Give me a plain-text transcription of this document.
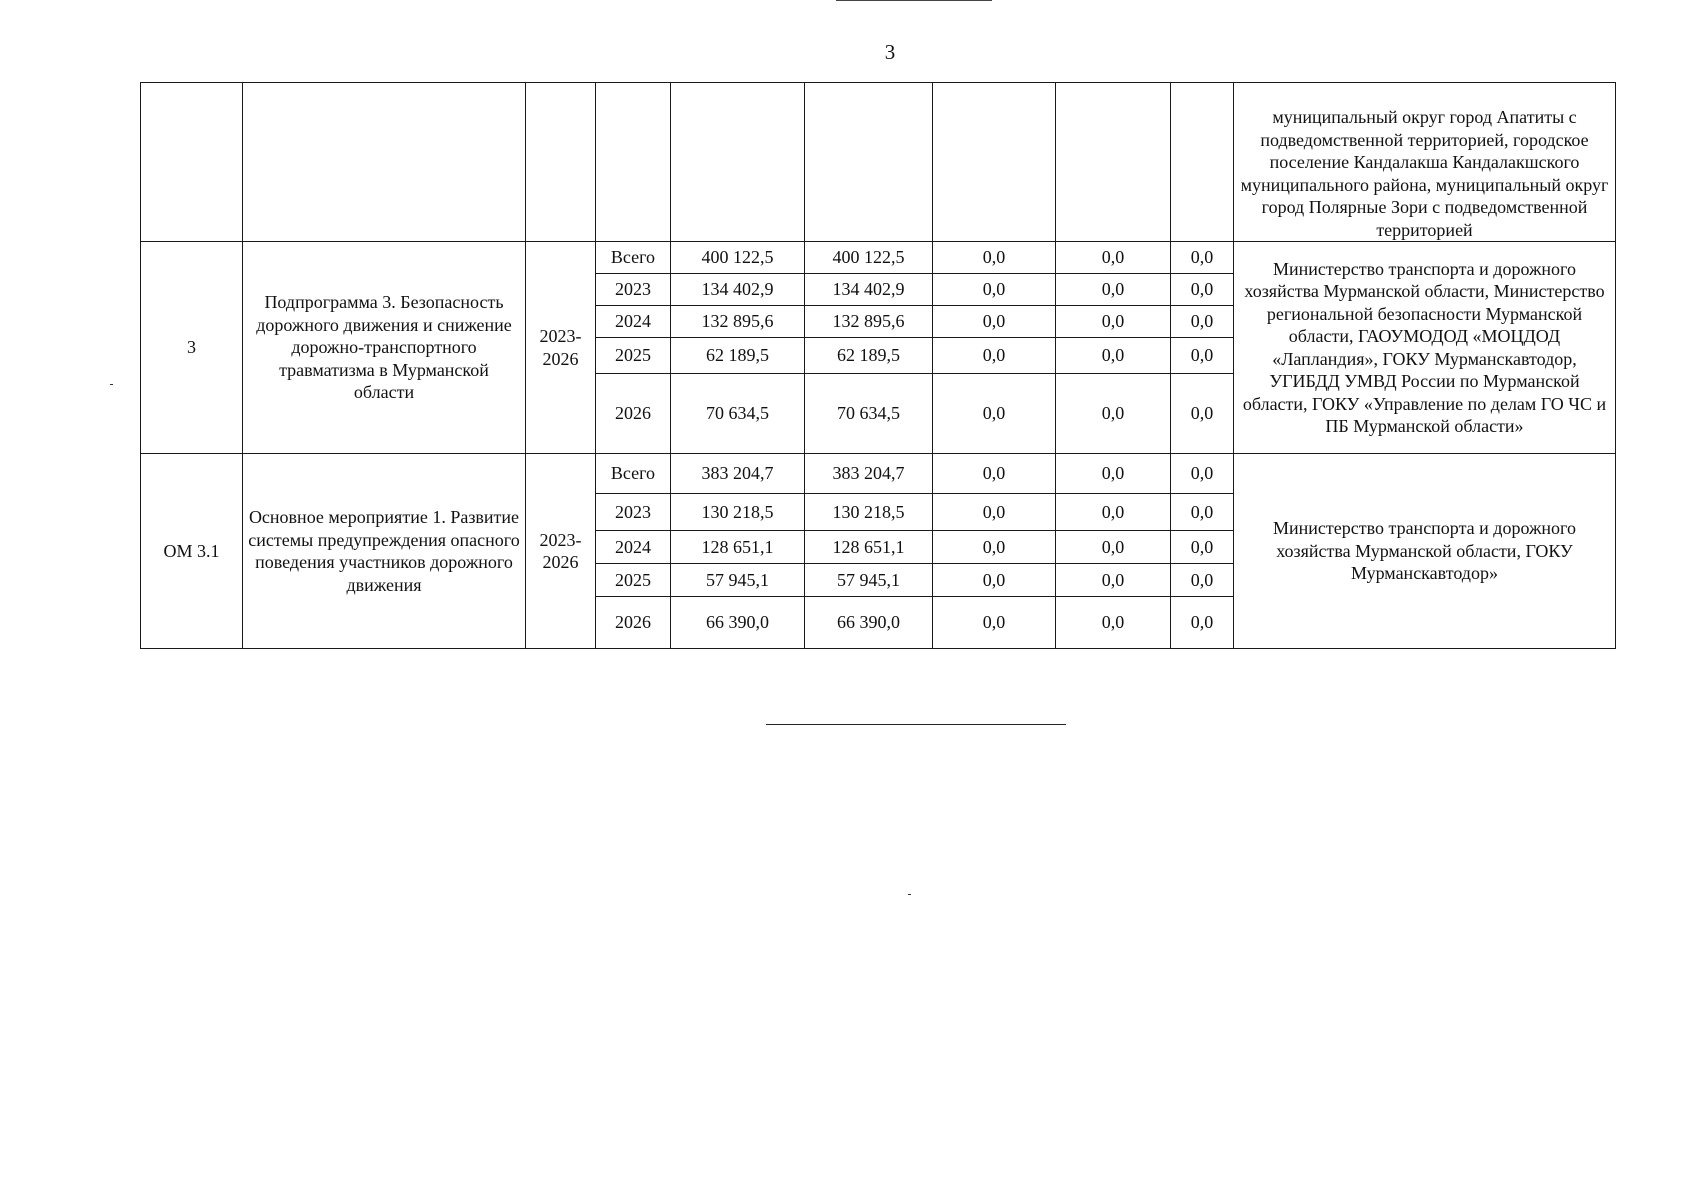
3
									муниципальный округ город Апатиты с подведомственной территорией, городское поселение Кандалакша Кандалакшского муниципального района, муниципальный округ город Полярные Зори с подведомственной территорией
3	Подпрограмма 3. Безопасность дорожного движения и снижение дорожно-транспортного травматизма в Мурманской области	2023-2026	Всего	400 122,5	400 122,5	0,0	0,0	0,0	Министерство транспорта и дорожного хозяйства Мурманской области, Министерство региональной безопасности Мурманской области, ГАОУМОДОД «МОЦДОД «Лапландия», ГОКУ Мурманскавтодор, УГИБДД УМВД России по Мурманской области, ГОКУ «Управление по делам ГО ЧС и ПБ Мурманской области»
			2023	134 402,9	134 402,9	0,0	0,0	0,0	
			2024	132 895,6	132 895,6	0,0	0,0	0,0	
			2025	62 189,5	62 189,5	0,0	0,0	0,0	
			2026	70 634,5	70 634,5	0,0	0,0	0,0	
ОМ 3.1	Основное мероприятие 1. Развитие системы предупреждения опасного поведения участников дорожного движения	2023-2026	Всего	383 204,7	383 204,7	0,0	0,0	0,0	Министерство транспорта и дорожного хозяйства Мурманской области, ГОКУ Мурманскавтодор»
			2023	130 218,5	130 218,5	0,0	0,0	0,0	
			2024	128 651,1	128 651,1	0,0	0,0	0,0	
			2025	57 945,1	57 945,1	0,0	0,0	0,0	
			2026	66 390,0	66 390,0	0,0	0,0	0,0	
